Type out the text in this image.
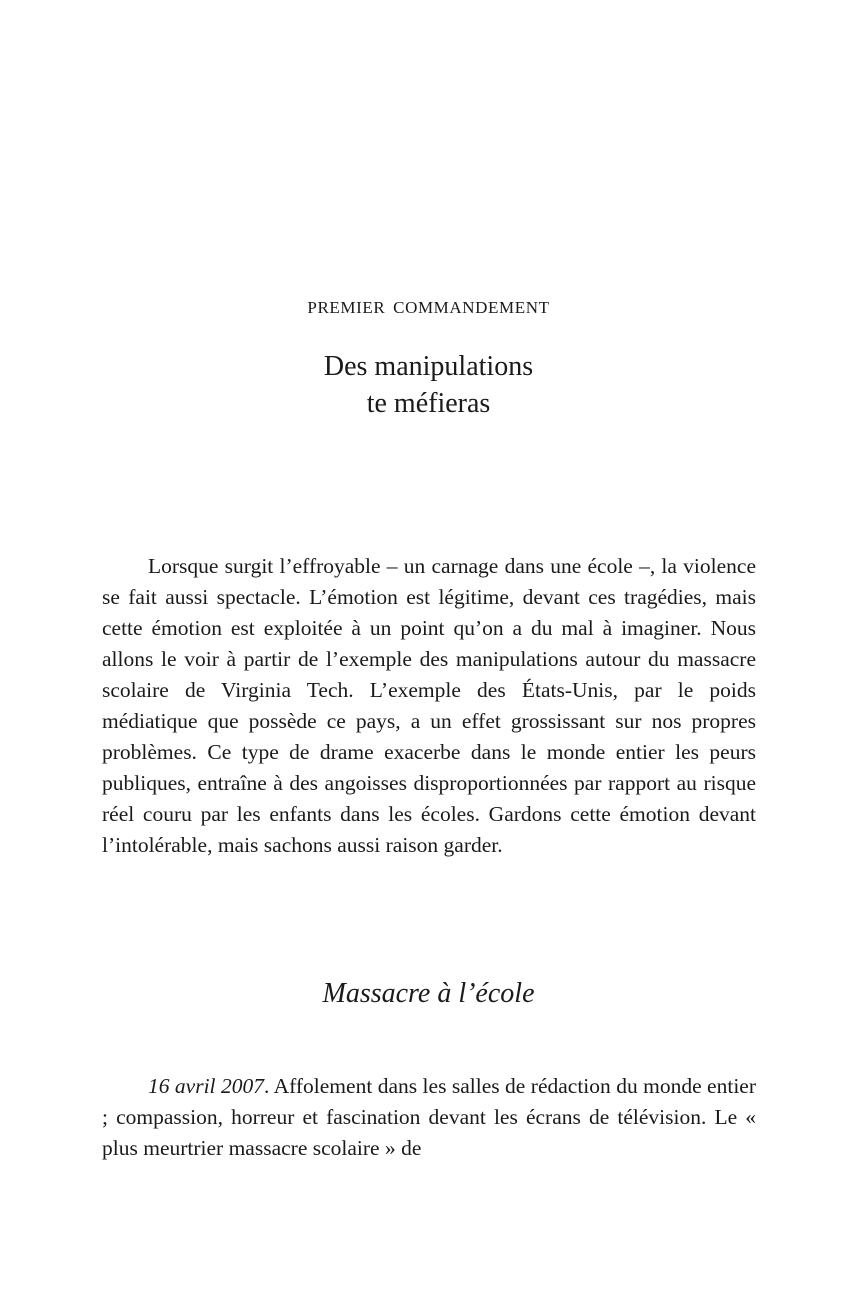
PREMIER COMMANDEMENT
Des manipulations
te méfieras

Lorsque surgit l’effroyable – un carnage dans une école –, la violence se fait aussi spectacle. L’émotion est légitime, devant ces tragédies, mais cette émotion est exploitée à un point qu’on a du mal à imaginer. Nous allons le voir à partir de l’exemple des manipulations autour du massacre scolaire de Virginia Tech. L’exemple des États-Unis, par le poids médiatique que possède ce pays, a un effet grossissant sur nos propres problèmes. Ce type de drame exacerbe dans le monde entier les peurs publiques, entraîne à des angoisses disproportionnées par rapport au risque réel couru par les enfants dans les écoles. Gardons cette émotion devant l’intolérable, mais sachons aussi raison garder.

Massacre à l’école

16 avril 2007. Affolement dans les salles de rédaction du monde entier ; compassion, horreur et fascination devant les écrans de télévision. Le « plus meurtrier massacre scolaire » de
